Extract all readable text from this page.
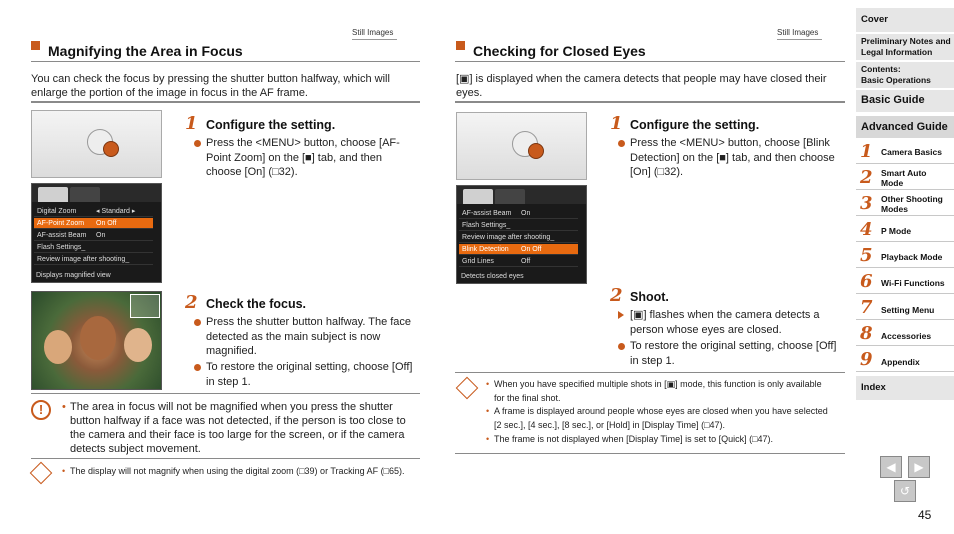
Still Images
Magnifying the Area in Focus
You can check the focus by pressing the shutter button halfway, which will enlarge the portion of the image in focus in the AF frame.
1 Configure the setting.
Press the <MENU> button, choose [AF-Point Zoom] on the [■] tab, and then choose [On] (□32).
Digital Zoom	◂ Standard ▸
AF-Point Zoom On Off
AF-assist Beam On
Flash Settings_
Review image after shooting_
Displays magnified view
2 Check the focus.
Press the shutter button halfway. The face detected as the main subject is now magnified.
To restore the original setting, choose [Off] in step 1.
!	• The area in focus will not be magnified when you press the shutter button halfway if a face was not detected, if the person is too close to the camera and their face is too large for the screen, or if the camera detects subject movement.
• The display will not magnify when using the digital zoom (□39) or Tracking AF (□65).
Still Images
Checking for Closed Eyes
[▣] is displayed when the camera detects that people may have closed their eyes.
1 Configure the setting.
Press the <MENU> button, choose [Blink Detection] on the [■] tab, and then choose [On] (□32).
AF-assist Beam On
Flash Settings_
Review image after shooting_
Blink Detection On Off
Grid Lines	Off
Detects closed eyes
2 Shoot.
[▣] flashes when the camera detects a person whose eyes are closed.
To restore the original setting, choose [Off] in step 1.
• When you have specified multiple shots in [▣] mode, this function is only available for the final shot.
• A frame is displayed around people whose eyes are closed when you have selected [2 sec.], [4 sec.], [8 sec.], or [Hold] in [Display Time] (□47).
• The frame is not displayed when [Display Time] is set to [Quick] (□47).
Cover
Preliminary Notes and
Legal Information
Contents:
Basic Operations
Basic Guide
Advanced Guide
1 Camera Basics
2 Smart Auto
Mode
3 Other Shooting
Modes
4 P Mode
5 Playback Mode
6 Wi-Fi Functions
7 Setting Menu
8 Accessories
9 Appendix
Index
◀ ▶
↺
45
